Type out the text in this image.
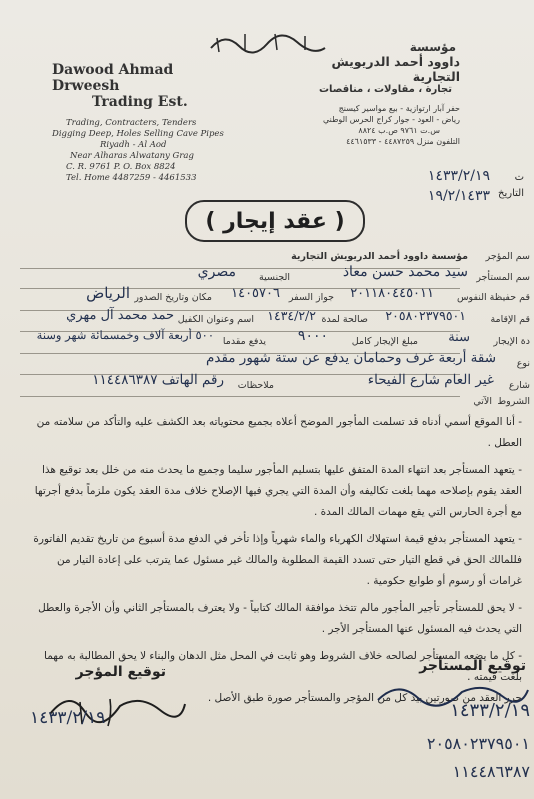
Dawood Ahmad Drweesh
Trading Est.
Trading, Contracters, Tenders
Digging Deep, Holes Selling Cave Pipes
Riyadh - Al Aod
Near Alharas Alwatany Grag
C. R. 9761 P. O. Box 8824
Tel. Home 4487259 - 4461533
مؤسسة
داوود أحمد الدريويش التجارية
تجارة ، مقاولات ، مناقصات
حفر آبار ارتوازية - بيع مواسير كيسنج
رياض - العود - جوار كراج الحرس الوطني
س.ت ٩٧٦١ ص.ب ٨٨٢٤
التلفون منزل ٤٤٨٧٢٥٩ - ٤٤٦١٥٣٣
ت
التاريخ
١٤٣٣/٢/١٩
١٩/٢/١٤٣٣
( عقد إيجار )
سم المؤجر
مؤسسة داوود أحمد الدريويش التجارية
سم المستأجر
سيد محمد حسن معاذ
الجنسية
مصري
قم حفيظة النفوس
٢٠١١٨٠٤٤٥٠١١
جواز السفر
١٤٠٥٧٠٦
مكان وتاريخ الصدور
الرياض
قم الإقامة
٢٠٥٨٠٢٣٧٩٥٠١
صالحة لمدة
١٤٣٤/٢/٢
اسم وعنوان الكفيل
حمد محمد آل مهري
دة الإيجار
سنة
مبلغ الإيجار كامل
٩٠٠٠
يدفع مقدما
٥٠٠ أربعة آلاف وخمسمائة شهر وسنة
نوع
شقة أربعة غرف وحمامان يدفع عن ستة شهور مقدم
شارع
غير العام شارع الفيحاء
ملاحظات
رقم الهاتف ١١٤٤٨٦٣٨٧
الشروط
الآتي
- أنا الموقع أسمي أدناه قد تسلمت المأجور الموضح أعلاه بجميع محتوياته بعد الكشف عليه والتأكد من سلامته من العطل .
- يتعهد المستأجر بعد انتهاء المدة المتفق عليها بتسليم المأجور سليما وجميع ما يحدث منه من خلل بعد توقيع هذا العقد يقوم بإصلاحه مهما بلغت تكاليفه وأن المدة التي يجري فيها الإصلاح خلاف مدة العقد يكون ملزماً بدفع أجرتها مع أجرة الحارس التي يقع مهمات المالك المدة .
- يتعهد المستأجر بدفع قيمة استهلاك الكهرباء والماء شهرياً وإذا تأخر في الدفع مدة أسبوع من تاريخ تقديم الفاتورة فللمالك الحق في قطع التيار حتى تسدد القيمة المطلوبة والمالك غير مسئول عما يترتب على إعادة التيار من غرامات أو رسوم أو طوابع حكومية .
- لا يحق للمستأجر تأجير المأجور مالم تتخذ موافقة المالك كتابياً - ولا يعترف بالمستأجر الثاني وأن الأجرة والعطل التي يحدث فيه المسئول عنها المستأجر الأجر .
- كل ما يضعه المستأجر لصالحه خلاف الشروط وهو ثابت في المحل مثل الدهان والبناء لا يحق المطالبة به مهما بلغت قيمته .
حرر العقد من صورتين بيد كل من المؤجر والمستأجر صورة طبق الأصل .
توقيع المؤجر	توقيع المستأجر
١٤٣٣/٢/١٩	١٤٣٣/٢/١٩
٢٠٥٨٠٢٣٧٩٥٠١
١١٤٤٨٦٣٨٧
